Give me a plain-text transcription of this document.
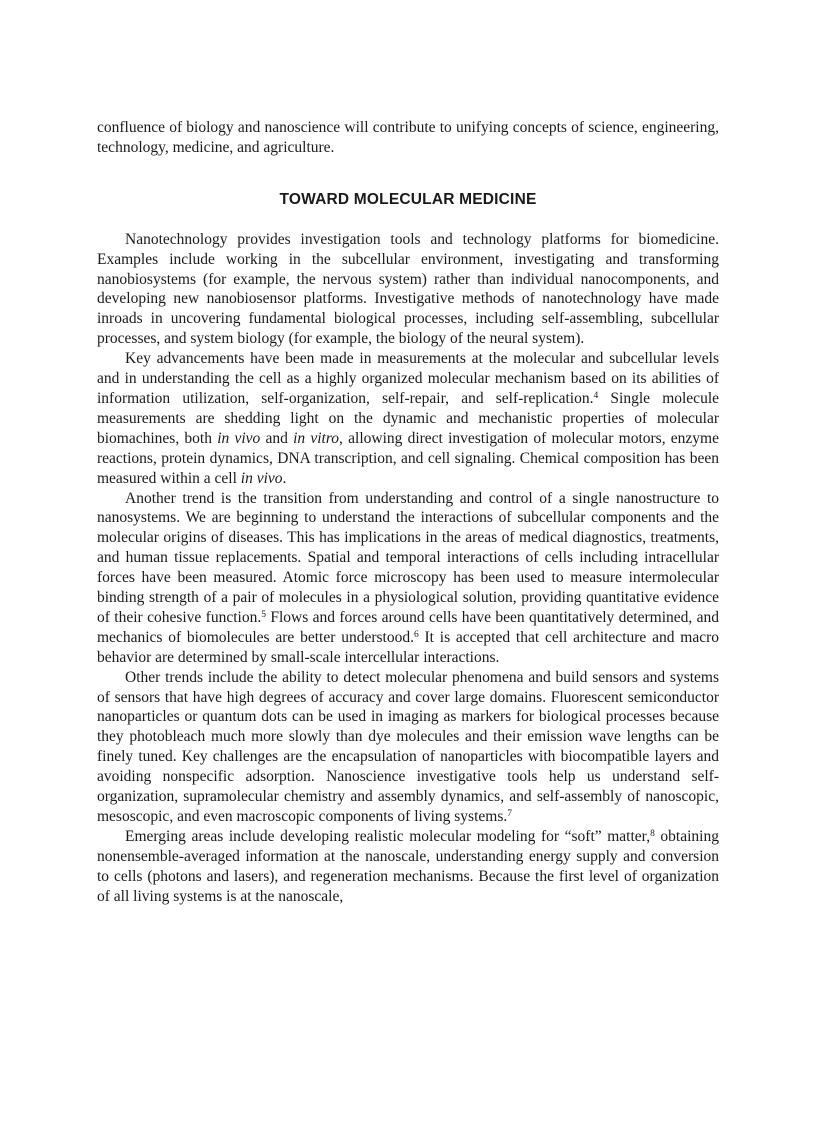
confluence of biology and nanoscience will contribute to unifying concepts of science, engineering, technology, medicine, and agriculture.

TOWARD MOLECULAR MEDICINE

Nanotechnology provides investigation tools and technology platforms for biomedicine. Examples include working in the subcellular environment, investigating and transforming nanobiosystems (for example, the nervous system) rather than individual nanocomponents, and developing new nanobiosensor platforms. Investigative methods of nanotechnology have made inroads in uncovering fundamental biological processes, including self-assembling, subcellular processes, and system biology (for example, the biology of the neural system).

Key advancements have been made in measurements at the molecular and subcellular levels and in understanding the cell as a highly organized molecular mechanism based on its abilities of information utilization, self-organization, self-repair, and self-replication.$^4$ Single molecule measurements are shedding light on the dynamic and mechanistic properties of molecular biomachines, both in vivo and in vitro, allowing direct investigation of molecular motors, enzyme reactions, protein dynamics, DNA transcription, and cell signaling. Chemical composition has been measured within a cell in vivo.

Another trend is the transition from understanding and control of a single nanostructure to nanosystems. We are beginning to understand the interactions of subcellular components and the molecular origins of diseases. This has implications in the areas of medical diagnostics, treatments, and human tissue replacements. Spatial and temporal interactions of cells including intracellular forces have been measured. Atomic force microscopy has been used to measure intermolecular binding strength of a pair of molecules in a physiological solution, providing quantitative evidence of their cohesive function.$^5$ Flows and forces around cells have been quantitatively determined, and mechanics of biomolecules are better understood.$^6$ It is accepted that cell architecture and macro behavior are determined by small-scale intercellular interactions.

Other trends include the ability to detect molecular phenomena and build sensors and systems of sensors that have high degrees of accuracy and cover large domains. Fluorescent semiconductor nanoparticles or quantum dots can be used in imaging as markers for biological processes because they photobleach much more slowly than dye molecules and their emission wave lengths can be finely tuned. Key challenges are the encapsulation of nanoparticles with biocompatible layers and avoiding nonspecific adsorption. Nanoscience investigative tools help us understand self-organization, supramolecular chemistry and assembly dynamics, and self-assembly of nanoscopic, mesoscopic, and even macroscopic components of living systems.$^7$

Emerging areas include developing realistic molecular modeling for “soft” matter,$^8$ obtaining nonensemble-averaged information at the nanoscale, understanding energy supply and conversion to cells (photons and lasers), and regeneration mechanisms. Because the first level of organization of all living systems is at the nanoscale,
